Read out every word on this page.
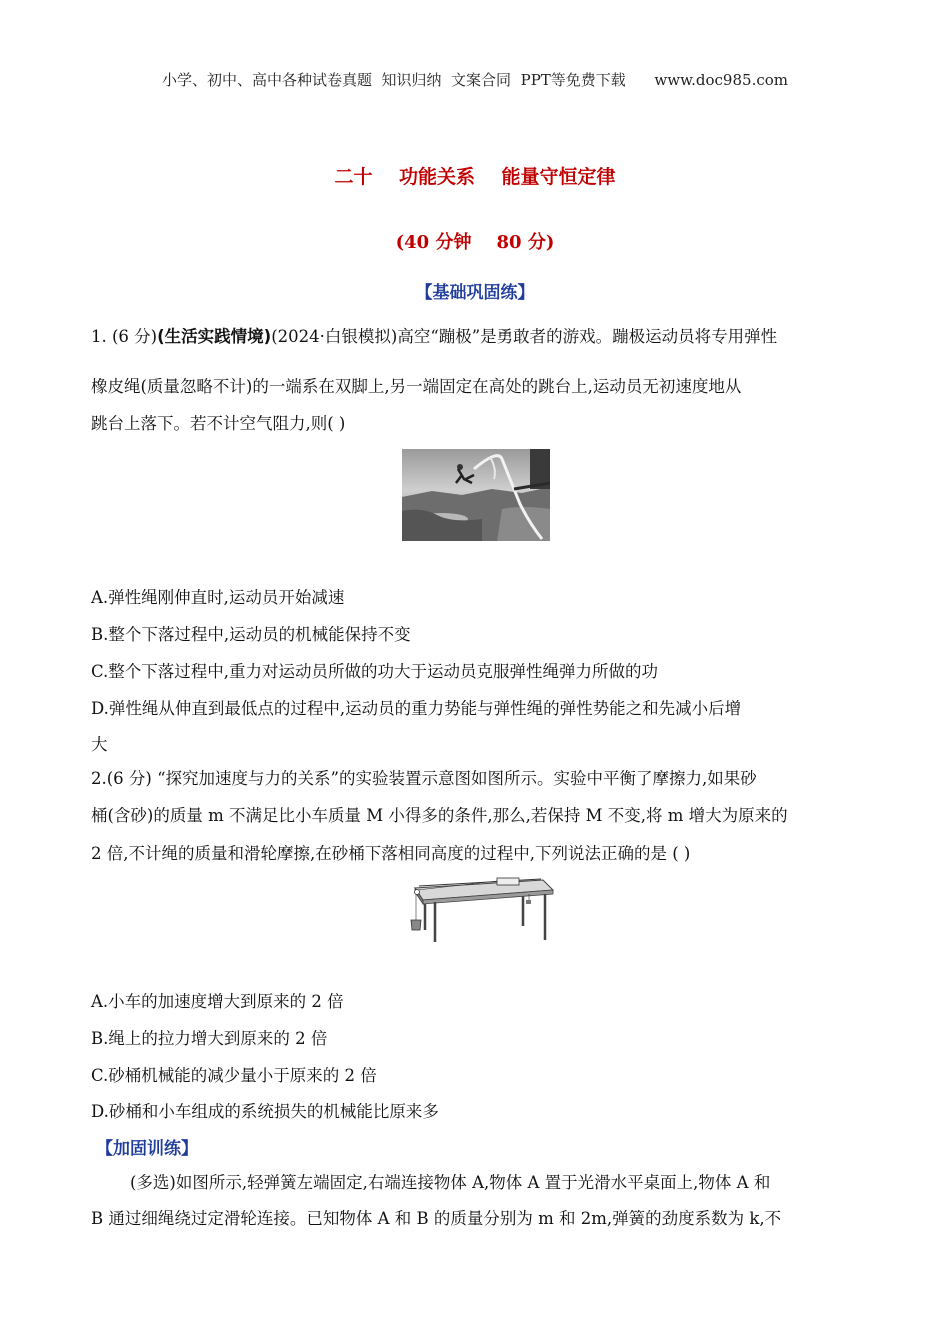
小学、初中、高中各种试卷真题  知识归纳  文案合同  PPT等免费下载      www.doc985.com
二十    功能关系    能量守恒定律
(40 分钟    80 分)
【基础巩固练】
1. (6 分)(生活实践情境)(2024·白银模拟)高空“蹦极”是勇敢者的游戏。蹦极运动员将专用弹性
橡皮绳(质量忽略不计)的一端系在双脚上,另一端固定在高处的跳台上,运动员无初速度地从
跳台上落下。若不计空气阻力,则( )
A.弹性绳刚伸直时,运动员开始减速
B.整个下落过程中,运动员的机械能保持不变
C.整个下落过程中,重力对运动员所做的功大于运动员克服弹性绳弹力所做的功
D.弹性绳从伸直到最低点的过程中,运动员的重力势能与弹性绳的弹性势能之和先减小后增
大
2.(6 分) “探究加速度与力的关系”的实验装置示意图如图所示。实验中平衡了摩擦力,如果砂
桶(含砂)的质量 m 不满足比小车质量 M 小得多的条件,那么,若保持 M 不变,将 m 增大为原来的
2 倍,不计绳的质量和滑轮摩擦,在砂桶下落相同高度的过程中,下列说法正确的是 ( )
A.小车的加速度增大到原来的 2 倍
B.绳上的拉力增大到原来的 2 倍
C.砂桶机械能的减少量小于原来的 2 倍
D.砂桶和小车组成的系统损失的机械能比原来多
【加固训练】
(多选)如图所示,轻弹簧左端固定,右端连接物体 A,物体 A 置于光滑水平桌面上,物体 A 和
B 通过细绳绕过定滑轮连接。已知物体 A 和 B 的质量分别为 m 和 2m,弹簧的劲度系数为 k,不
